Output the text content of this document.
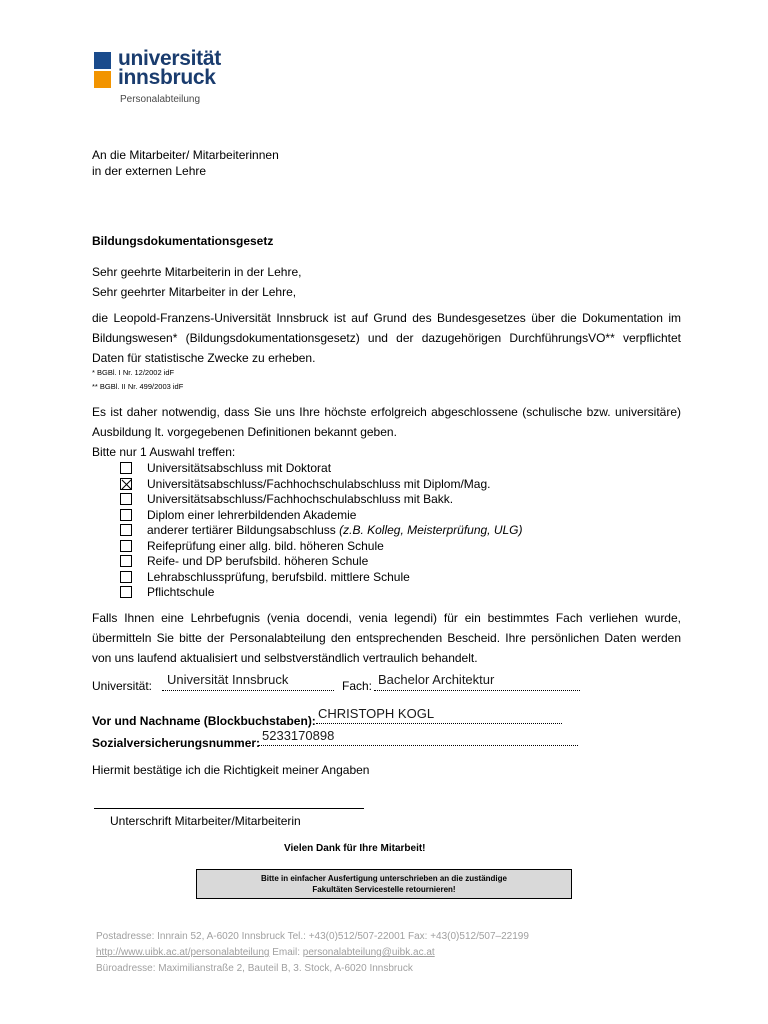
universität
innsbruck
Personalabteilung
An die Mitarbeiter/ Mitarbeiterinnen
in der externen Lehre
Bildungsdokumentationsgesetz
Sehr geehrte Mitarbeiterin in der Lehre,
Sehr geehrter Mitarbeiter in der Lehre,
die Leopold-Franzens-Universität Innsbruck ist auf Grund des Bundesgesetzes über die Dokumentation im Bildungswesen* (Bildungsdokumentationsgesetz) und der dazugehörigen DurchführungsVO** verpflichtet Daten für statistische Zwecke zu erheben.
* BGBl. I Nr. 12/2002 idF
** BGBl. II Nr. 499/2003 idF
Es ist daher notwendig, dass Sie uns Ihre höchste erfolgreich abgeschlossene (schulische bzw. universitäre) Ausbildung lt. vorgegebenen Definitionen bekannt geben.
Bitte nur 1 Auswahl treffen:
Universitätsabschluss mit Doktorat
Universitätsabschluss/Fachhochschulabschluss mit Diplom/Mag.
Universitätsabschluss/Fachhochschulabschluss mit Bakk.
Diplom einer lehrerbildenden Akademie
anderer tertiärer Bildungsabschluss (z.B. Kolleg, Meisterprüfung, ULG)
Reifeprüfung einer allg. bild. höheren Schule
Reife- und DP berufsbild. höheren Schule
Lehrabschlussprüfung, berufsbild. mittlere Schule
Pflichtschule
Falls Ihnen eine Lehrbefugnis (venia docendi, venia legendi) für ein bestimmtes Fach verliehen wurde, übermitteln Sie bitte der Personalabteilung den entsprechenden Bescheid. Ihre persönlichen Daten werden von uns laufend aktualisiert und selbstverständlich vertraulich behandelt.
Universität: Universität Innsbruck	Fach: Bachelor Architektur
Vor und Nachname (Blockbuchstaben): CHRISTOPH KOGL
Sozialversicherungsnummer: 5233170898
Hiermit bestätige ich die Richtigkeit meiner Angaben
Unterschrift Mitarbeiter/Mitarbeiterin
Vielen Dank für Ihre Mitarbeit!
Bitte in einfacher Ausfertigung unterschrieben an die zuständige
Fakultäten Servicestelle retournieren!
Postadresse: Innrain 52, A-6020 Innsbruck Tel.: +43(0)512/507-22001 Fax: +43(0)512/507–22199
http://www.uibk.ac.at/personalabteilung Email: personalabteilung@uibk.ac.at
Büroadresse: Maximilianstraße 2, Bauteil B, 3. Stock, A-6020 Innsbruck
